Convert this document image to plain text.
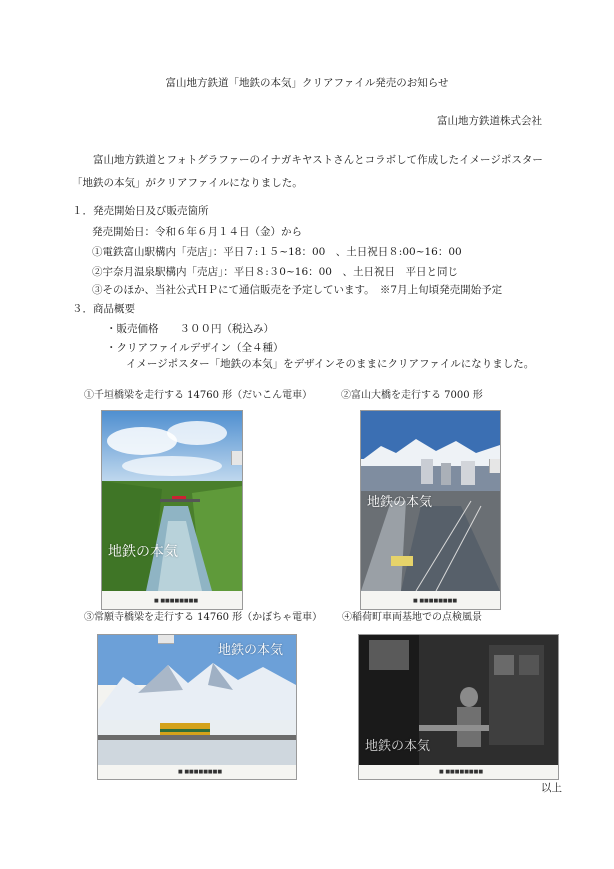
富山地方鉄道「地鉄の本気」クリアファイル発売のお知らせ
富山地方鉄道株式会社
富山地方鉄道とフォトグラファーのイナガキヤストさんとコラボして作成したイメージポスター「地鉄の本気」がクリアファイルになりました。
１．発売開始日及び販売箇所
発売開始日：令和６年６月１４日（金）から
①電鉄富山駅構内「売店」：平日７:１５~18：00　、土日祝日８:00~16：00
②宇奈月温泉駅構内「売店」：平日８:３0~16：00　、土日祝日　平日と同じ
③そのほか、当社公式ＨＰにて通信販売を予定しています。　※7月上旬頃発売開始予定
３．商品概要
・販売価格　　３００円（税込み）
・クリアファイルデザイン（全４種）
イメージポスター「地鉄の本気」をデザインそのままにクリアファイルになりました。
①千垣橋梁を走行する 14760 形（だいこん電車）	②富山大橋を走行する 7000 形
③常願寺橋梁を走行する 14760 形（かぼちゃ電車） ④稲荷町車両基地での点検風景
地鉄の本気
■ ■■■■■■■■
地鉄の本気
■ ■■■■■■■■
地鉄の本気
■ ■■■■■■■■
地鉄の本気
■ ■■■■■■■■
以上
